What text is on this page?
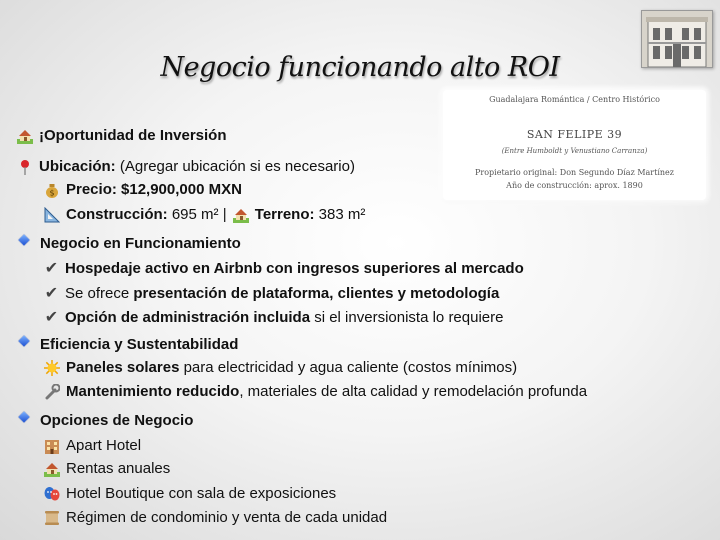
Negocio funcionando alto ROI
Guadalajara Romántica / Centro Histórico
SAN FELIPE 39
(Entre Humboldt y Venustiano Carranza)
Propietario original: Don Segundo Díaz Martínez
Año de construcción: aprox. 1890
¡Oportunidad de Inversión
Ubicación: (Agregar ubicación si es necesario)
$ Precio: $12,900,000 MXN
Construcción: 695 m² | Terreno: 383 m²
Negocio en Funcionamiento
✔ Hospedaje activo en Airbnb con ingresos superiores al mercado
✔ Se ofrece presentación de plataforma, clientes y metodología
✔ Opción de administración incluida si el inversionista lo requiere
Eficiencia y Sustentabilidad
Paneles solares para electricidad y agua caliente (costos mínimos)
Mantenimiento reducido , materiales de alta calidad y remodelación profunda
Opciones de Negocio
Apart Hotel
Rentas anuales
Hotel Boutique con sala de exposiciones
Régimen de condominio y venta de cada unidad
